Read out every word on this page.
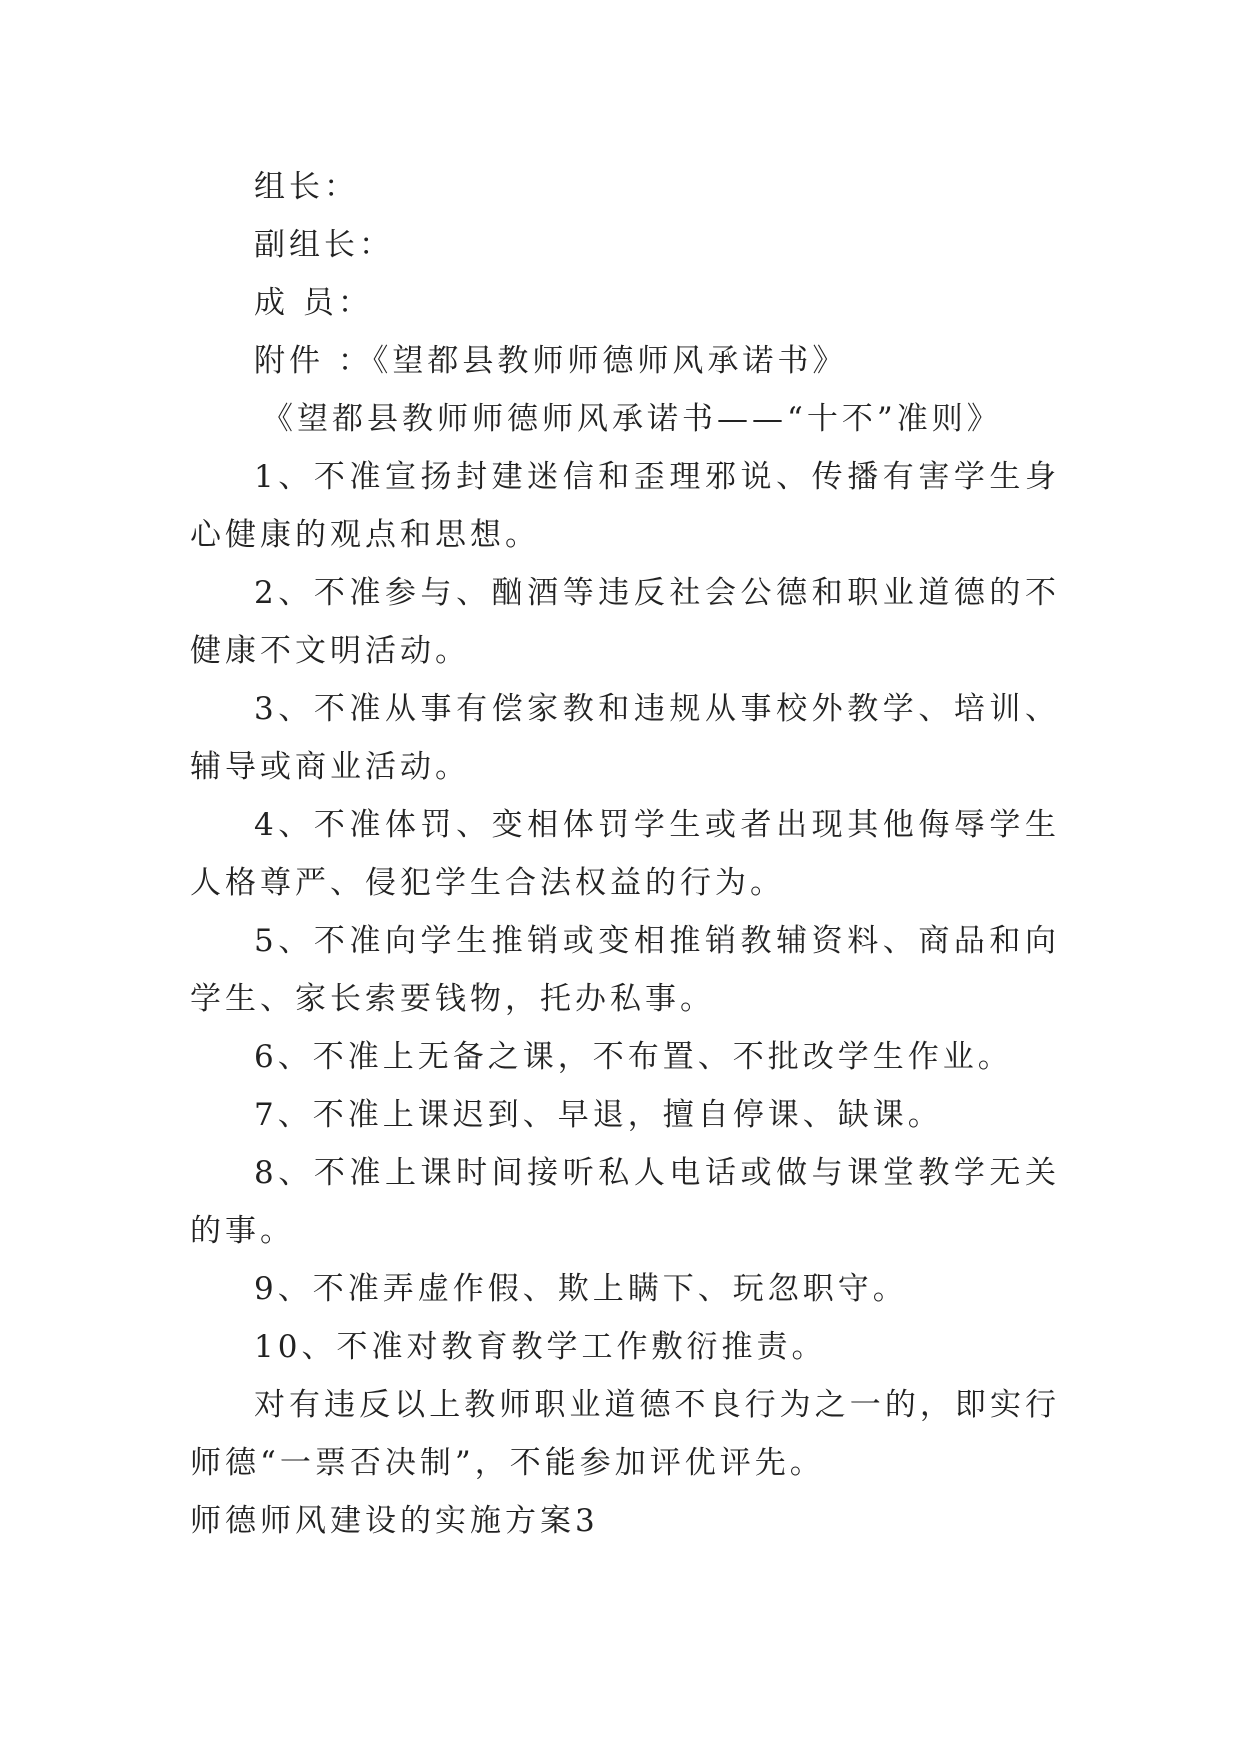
组长：
副组长：
成 员：
附件 ：《望都县教师师德师风承诺书》
《望都县教师师德师风承诺书——“十不”准则》

1、不准宣扬封建迷信和歪理邪说、传播有害学生身心健康的观点和思想。

2、不准参与、酗酒等违反社会公德和职业道德的不健康不文明活动。

3、不准从事有偿家教和违规从事校外教学、培训、辅导或商业活动。

4、不准体罚、变相体罚学生或者出现其他侮辱学生人格尊严、侵犯学生合法权益的行为。

5、不准向学生推销或变相推销教辅资料、商品和向学生、家长索要钱物，托办私事。

6、不准上无备之课，不布置、不批改学生作业。

7、不准上课迟到、早退，擅自停课、缺课。

8、不准上课时间接听私人电话或做与课堂教学无关的事。

9、不准弄虚作假、欺上瞒下、玩忽职守。

10、不准对教育教学工作敷衍推责。

对有违反以上教师职业道德不良行为之一的，即实行师德“一票否决制”，不能参加评优评先。

师德师风建设的实施方案3
